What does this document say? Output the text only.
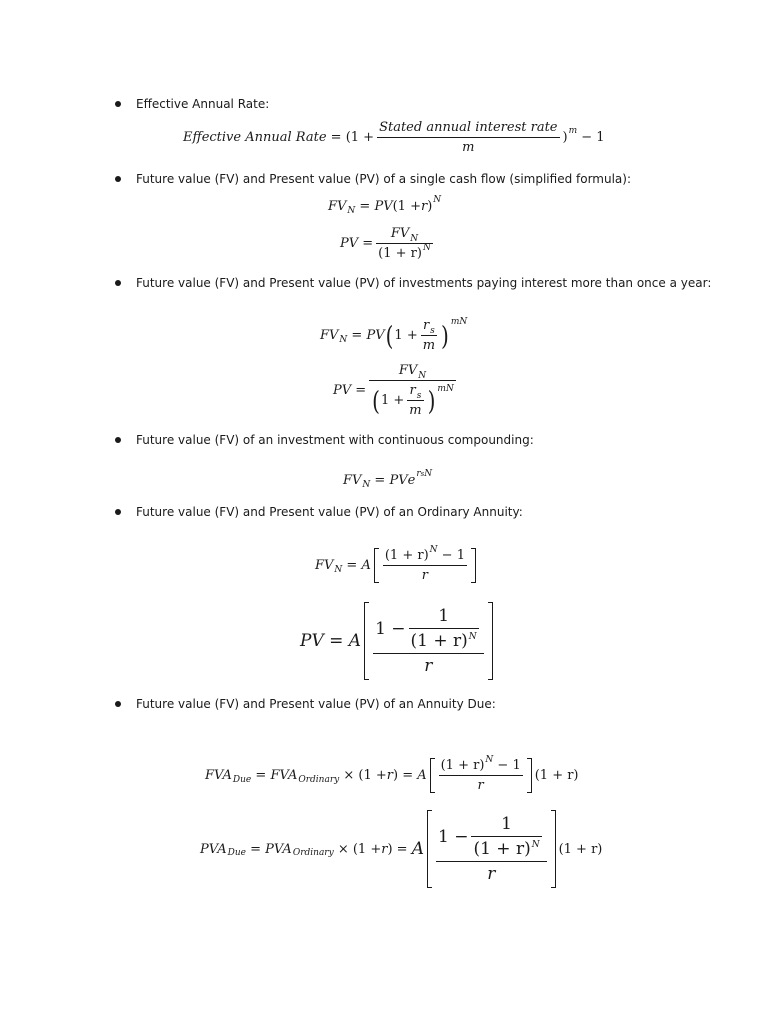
Effective Annual Rate:
Effective Annual Rate = ($1 + \frac{\text{Stated annual interest rate}}{m}$ ) m − 1
Future value (FV) and Present value (PV) of a single cash flow (simplified formula):
FV N = PV (1 + r ) N
PV = $\frac{FV_N}{(1 + r)^N}$
Future value (FV) and Present value (PV) of investments paying interest more than once a year:
FV N = PV ( $1 + \frac{r_s}{m}$ ) mN
PV = $\frac{FV_N}{( 1 + \frac{r_s}{m} ) mN}$
Future value (FV) of an investment with continuous compounding:
FV N = PV e rsN
Future value (FV) and Present value (PV) of an Ordinary Annuity:
FV N = A $\frac{(1 + r)^N - 1}{r}$
PV = A $\frac{1 - \frac{1}{(1 + r)^N}}{r}$
Future value (FV) and Present value (PV) of an Annuity Due:
FVA Due = FVA Ordinary × (1 + r ) = A $\frac{(1 + r)^N - 1}{r} (1 + r)$
PVA Due = PVA Ordinary × (1 + r ) = A $\frac{1 - \frac{1}{(1 + r)^N}}{r} (1 + r)$
